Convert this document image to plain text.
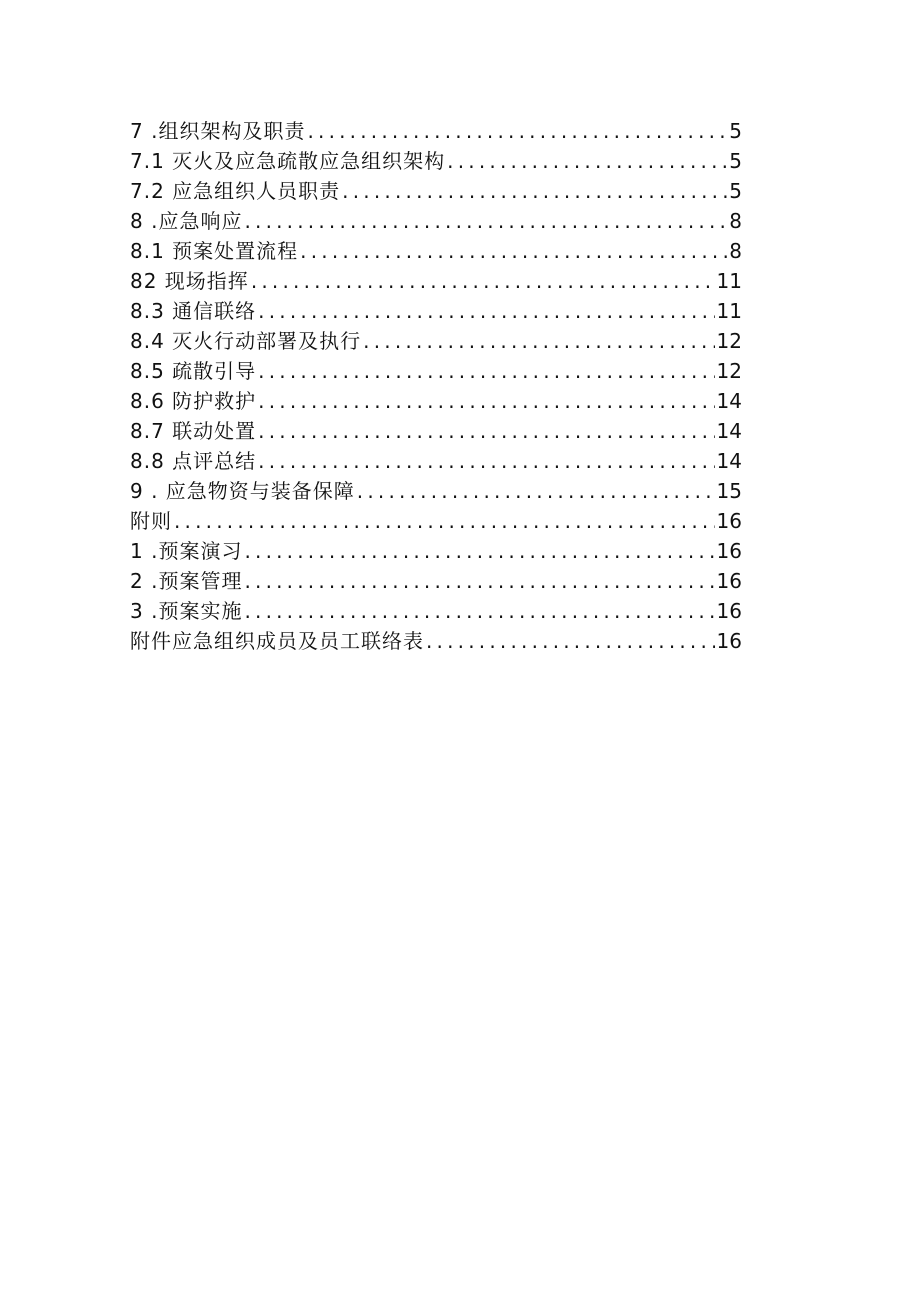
7 .组织架构及职责 .....	5
7.1 灭火及应急疏散应急组织架构 .....	5
7.2 应急组织人员职责 .....	5
8 .应急响应 .....	8
8.1 预案处置流程 .....	8
82 现场指挥 .....	11
8.3 通信联络 .....	11
8.4 灭火行动部署及执行 .....	12
8.5 疏散引导 .....	12
8.6 防护救护 .....	14
8.7 联动处置 .....	14
8.8 点评总结 .....	14
9 . 应急物资与装备保障 .....	15
附则 .....	16
1 .预案演习 .....	16
2 .预案管理 .....	16
3 .预案实施 .....	16
附件应急组织成员及员工联络表 .....	16
